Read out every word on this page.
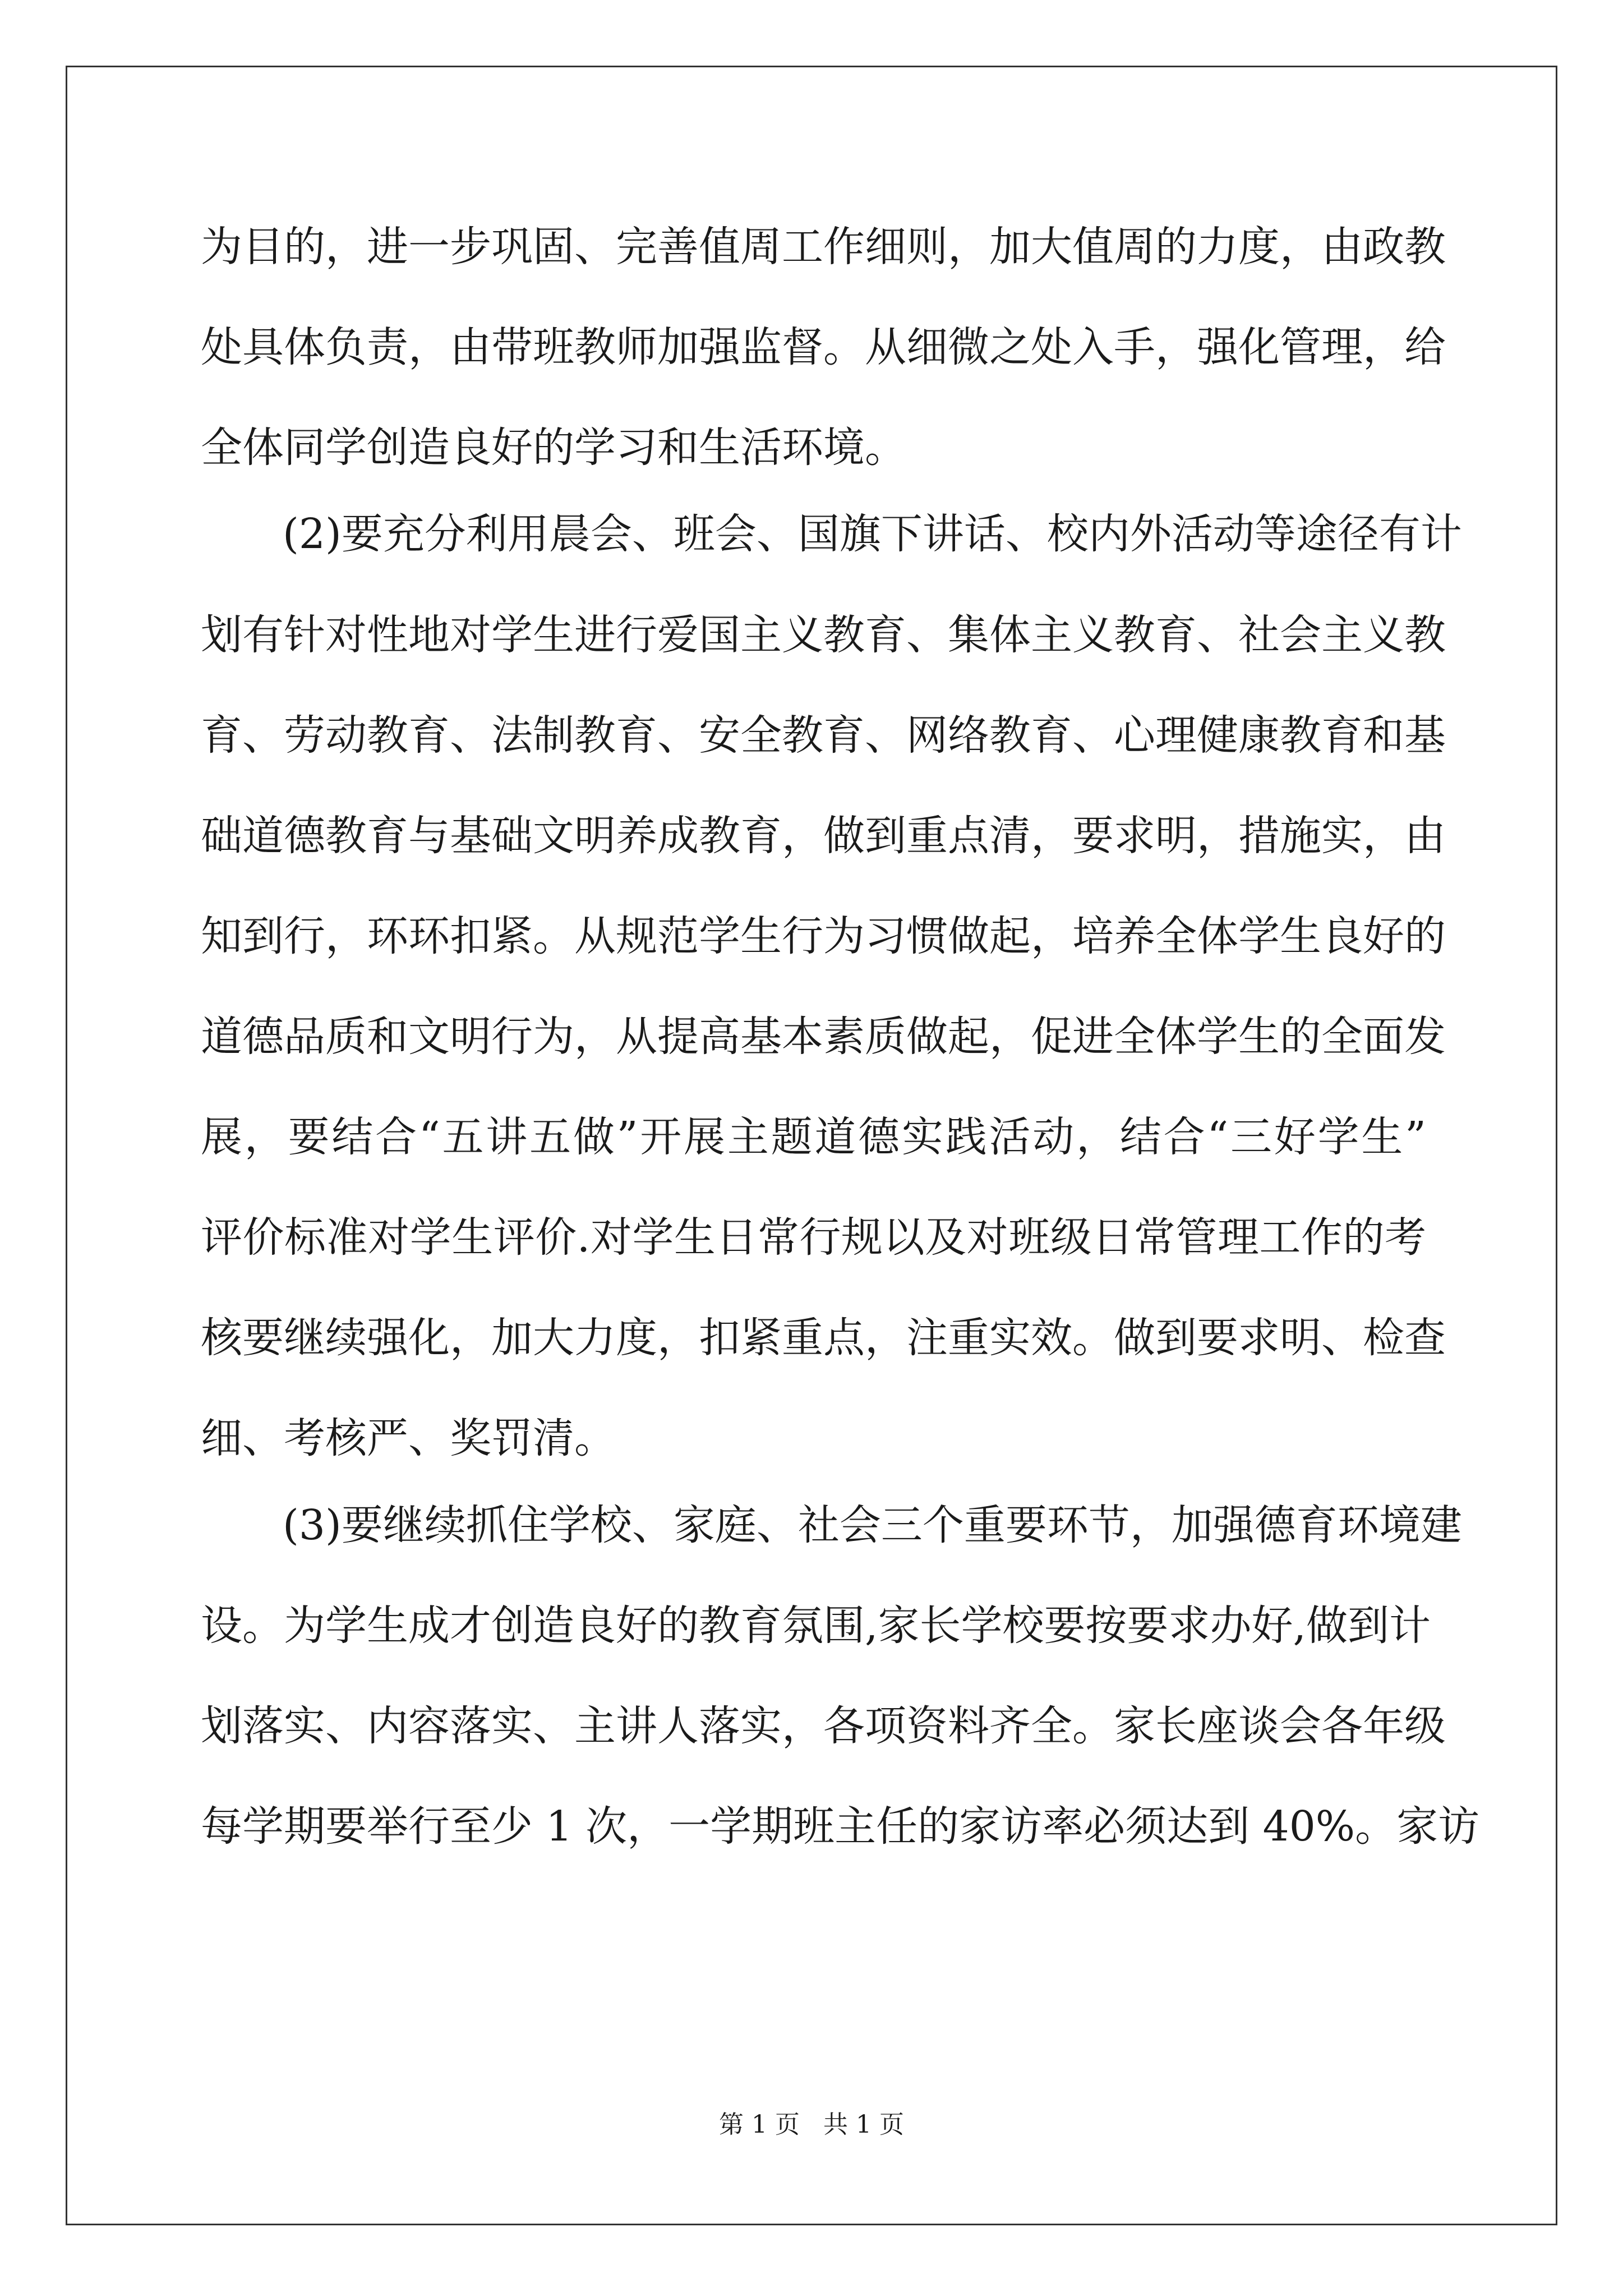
为目的，进一步巩固、完善值周工作细则，加大值周的力度，由政教
处具体负责，由带班教师加强监督。从细微之处入手，强化管理，给
全体同学创造良好的学习和生活环境。
(2)要充分利用晨会、班会、国旗下讲话、校内外活动等途径有计
划有针对性地对学生进行爱国主义教育、集体主义教育、社会主义教
育、劳动教育、法制教育、安全教育、网络教育、心理健康教育和基
础道德教育与基础文明养成教育，做到重点清，要求明，措施实，由
知到行，环环扣紧。从规范学生行为习惯做起，培养全体学生良好的
道德品质和文明行为，从提高基本素质做起，促进全体学生的全面发
展，要结合“五讲五做”开展主题道德实践活动，结合“三好学生”
评价标准对学生评价.对学生日常行规以及对班级日常管理工作的考
核要继续强化，加大力度，扣紧重点，注重实效。做到要求明、检查
细、考核严、奖罚清。
(3)要继续抓住学校、家庭、社会三个重要环节，加强德育环境建
设。为学生成才创造良好的教育氛围,家长学校要按要求办好,做到计
划落实、内容落实、主讲人落实，各项资料齐全。家长座谈会各年级
每学期要举行至少 1 次，一学期班主任的家访率必须达到 40%。家访
第 1 页 共 1 页
